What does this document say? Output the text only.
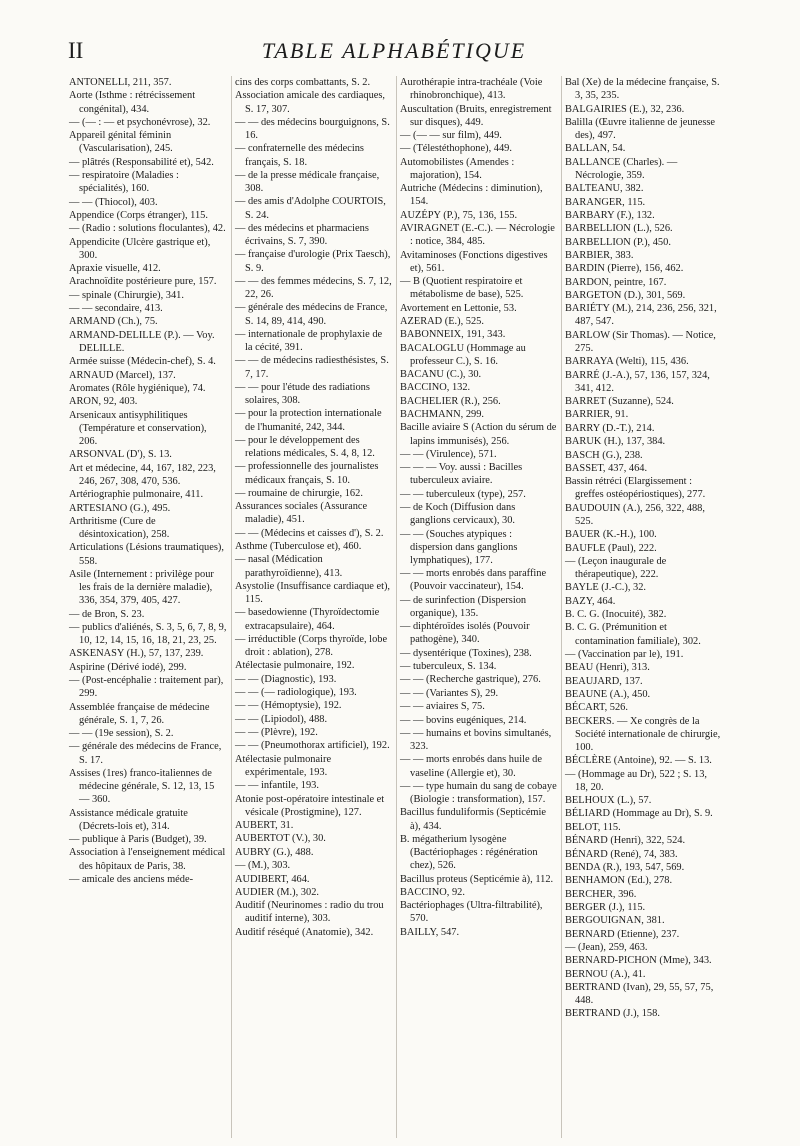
II	TABLE ALPHABÉTIQUE
ANTONELLI, 211, 357.
Aorte (Isthme : rétrécissement congénital), 434.
— (— : — et psychonévrose), 32.
Appareil génital féminin (Vascularisation), 245.
— plâtrés (Responsabilité et), 542.
— respiratoire (Maladies : spécialités), 160.
— — (Thiocol), 403.
Appendice (Corps étranger), 115.
— (Radio : solutions floculantes), 42.
Appendicite (Ulcère gastrique et), 300.
Apraxie visuelle, 412.
Arachnoïdite postérieure pure, 157.
— spinale (Chirurgie), 341.
— — secondaire, 413.
ARMAND (Ch.), 75.
ARMAND-DELILLE (P.). — Voy. DELILLE.
Armée suisse (Médecin-chef), S. 4.
ARNAUD (Marcel), 137.
Aromates (Rôle hygiénique), 74.
ARON, 92, 403.
Arsenicaux antisyphilitiques (Température et conservation), 206.
ARSONVAL (D'), S. 13.
Art et médecine, 44, 167, 182, 223, 246, 267, 308, 470, 536.
Artériographie pulmonaire, 411.
ARTESIANO (G.), 495.
Arthritisme (Cure de désintoxication), 258.
Articulations (Lésions traumatiques), 558.
Asile (Internement : privilège pour les frais de la dernière maladie), 336, 354, 379, 405, 427.
— de Bron, S. 23.
— publics d'aliénés, S. 3, 5, 6, 7, 8, 9, 10, 12, 14, 15, 16, 18, 21, 23, 25.
ASKENASY (H.), 57, 137, 239.
Aspirine (Dérivé iodé), 299.
— (Post-encéphalie : traitement par), 299.
Assemblée française de médecine générale, S. 1, 7, 26.
— — (19e session), S. 2.
— générale des médecins de France, S. 17.
Assises (1res) franco-italiennes de médecine générale, S. 12, 13, 15 — 360.
Assistance médicale gratuite (Décrets-lois et), 314.
— publique à Paris (Budget), 39.
Association à l'enseignement médical des hôpitaux de Paris, 38.
— amicale des anciens méde-
cins des corps combattants, S. 2.
Association amicale des cardiaques, S. 17, 307.
— — des médecins bourguignons, S. 16.
— confraternelle des médecins français, S. 18.
— de la presse médicale française, 308.
— des amis d'Adolphe COURTOIS, S. 24.
— des médecins et pharmaciens écrivains, S. 7, 390.
— française d'urologie (Prix Taesch), S. 9.
— — des femmes médecins, S. 7, 12, 22, 26.
— générale des médecins de France, S. 14, 89, 414, 490.
— internationale de prophylaxie de la cécité, 391.
— — de médecins radiesthésistes, S. 7, 17.
— — pour l'étude des radiations solaires, 308.
— pour la protection internationale de l'humanité, 242, 344.
— pour le développement des relations médicales, S. 4, 8, 12.
— professionnelle des journalistes médicaux français, S. 10.
— roumaine de chirurgie, 162.
Assurances sociales (Assurance maladie), 451.
— — (Médecins et caisses d'), S. 2.
Asthme (Tuberculose et), 460.
— nasal (Médication parathyroïdienne), 413.
Asystolie (Insuffisance cardiaque et), 115.
— basedowienne (Thyroïdectomie extracapsulaire), 464.
— irréductible (Corps thyroïde, lobe droit : ablation), 278.
Atélectasie pulmonaire, 192.
— — (Diagnostic), 193.
— — (— radiologique), 193.
— — (Hémoptysie), 192.
— — (Lipiodol), 488.
— — (Plèvre), 192.
— — (Pneumothorax artificiel), 192.
Atélectasie pulmonaire expérimentale, 193.
— — infantile, 193.
Atonie post-opératoire intestinale et vésicale (Prostigmine), 127.
AUBERT, 31.
AUBERTOT (V.), 30.
AUBRY (G.), 488.
— (M.), 303.
AUDIBERT, 464.
AUDIER (M.), 302.
Auditif (Neurinomes : radio du trou auditif interne), 303.
Auditif réséqué (Anatomie), 342.
Aurothérapie intra-trachéale (Voie rhinobronchique), 413.
Auscultation (Bruits, enregistrement sur disques), 449.
— (— — sur film), 449.
— (Télestéthophone), 449.
Automobilistes (Amendes : majoration), 154.
Autriche (Médecins : diminution), 154.
AUZÉPY (P.), 75, 136, 155.
AVIRAGNET (E.-C.). — Nécrologie : notice, 384, 485.
Avitaminoses (Fonctions digestives et), 561.
— B (Quotient respiratoire et métabolisme de base), 525.
Avortement en Lettonie, 53.
AZERAD (E.), 525.
BABONNEIX, 191, 343.
BACALOGLU (Hommage au professeur C.), S. 16.
BACANU (C.), 30.
BACCINO, 132.
BACHELIER (R.), 256.
BACHMANN, 299.
Bacille aviaire S (Action du sérum de lapins immunisés), 256.
— — (Virulence), 571.
— — — Voy. aussi : Bacilles tuberculeux aviaire.
— — tuberculeux (type), 257.
— de Koch (Diffusion dans ganglions cervicaux), 30.
— — (Souches atypiques : dispersion dans ganglions lymphatiques), 177.
— — morts enrobés dans paraffine (Pouvoir vaccinateur), 154.
— de surinfection (Dispersion organique), 135.
— diphtéroïdes isolés (Pouvoir pathogène), 340.
— dysentérique (Toxines), 238.
— tuberculeux, S. 134.
— — (Recherche gastrique), 276.
— — (Variantes S), 29.
— — aviaires S, 75.
— — bovins eugéniques, 214.
— — humains et bovins simultanés, 323.
— — morts enrobés dans huile de vaseline (Allergie et), 30.
— — type humain du sang de cobaye (Biologie : transformation), 157.
Bacillus funduliformis (Septicémie à), 434.
B. mégatherium lysogène (Bactériophages : régénération chez), 526.
Bacillus proteus (Septicémie à), 112.
BACCINO, 92.
Bactériophages (Ultra-filtrabilité), 570.
BAILLY, 547.
Bal (Xe) de la médecine française, S. 3, 35, 235.
BALGAIRIES (E.), 32, 236.
Balilla (Œuvre italienne de jeunesse des), 497.
BALLAN, 54.
BALLANCE (Charles). — Nécrologie, 359.
BALTEANU, 382.
BARANGER, 115.
BARBARY (F.), 132.
BARBELLION (L.), 526.
BARBELLION (P.), 450.
BARBIER, 383.
BARDIN (Pierre), 156, 462.
BARDON, peintre, 167.
BARGETON (D.), 301, 569.
BARIÉTY (M.), 214, 236, 256, 321, 487, 547.
BARLOW (Sir Thomas). — Notice, 275.
BARRAYA (Welti), 115, 436.
BARRÉ (J.-A.), 57, 136, 157, 324, 341, 412.
BARRET (Suzanne), 524.
BARRIER, 91.
BARRY (D.-T.), 214.
BARUK (H.), 137, 384.
BASCH (G.), 238.
BASSET, 437, 464.
Bassin rétréci (Elargissement : greffes ostéopériostiques), 277.
BAUDOUIN (A.), 256, 322, 488, 525.
BAUER (K.-H.), 100.
BAUFLE (Paul), 222.
— (Leçon inaugurale de thérapeutique), 222.
BAYLE (J.-C.), 32.
BAZY, 464.
B. C. G. (Inocuité), 382.
B. C. G. (Prémunition et contamination familiale), 302.
— (Vaccination par le), 191.
BEAU (Henri), 313.
BEAUJARD, 137.
BEAUNE (A.), 450.
BÉCART, 526.
BECKERS. — Xe congrès de la Société internationale de chirurgie, 100.
BÉCLÈRE (Antoine), 92. — S. 13.
— (Hommage au Dr), 522 ; S. 13, 18, 20.
BELHOUX (L.), 57.
BÉLIARD (Hommage au Dr), S. 9.
BELOT, 115.
BÉNARD (Henri), 322, 524.
BÉNARD (René), 74, 383.
BENDA (R.), 193, 547, 569.
BENHAMON (Ed.), 278.
BERCHER, 396.
BERGER (J.), 115.
BERGOUIGNAN, 381.
BERNARD (Etienne), 237.
— (Jean), 259, 463.
BERNARD-PICHON (Mme), 343.
BERNOU (A.), 41.
BERTRAND (Ivan), 29, 55, 57, 75, 448.
BERTRAND (J.), 158.
